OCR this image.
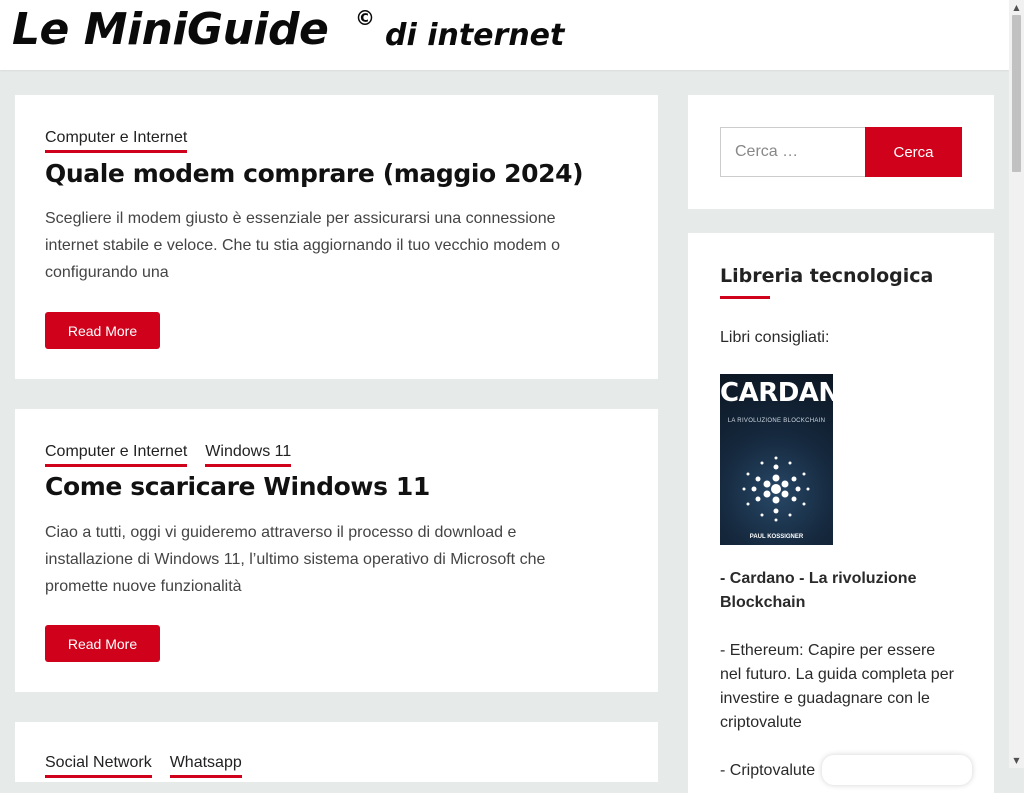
Le MiniGuide © di internet
Computer e Internet
Quale modem comprare (maggio 2024)
Scegliere il modem giusto è essenziale per assicurarsi una connessione internet stabile e veloce. Che tu stia aggiornando il tuo vecchio modem o configurando una
Read More
Computer e Internet Windows 11
Come scaricare Windows 11
Ciao a tutti, oggi vi guideremo attraverso il processo di download e installazione di Windows 11, l’ultimo sistema operativo di Microsoft che promette nuove funzionalità
Read More
Social Network Whatsapp
Cerca …
Cerca
Libreria tecnologica
Libri consigliati:
CARDANO
LA RIVOLUZIONE BLOCKCHAIN
PAUL KOSSIGNER
- Cardano - La rivoluzione Blockchain
- Ethereum: Capire per essere nel futuro. La guida completa per investire e guadagnare con le criptovalute
- Criptovalute
▲
▼
